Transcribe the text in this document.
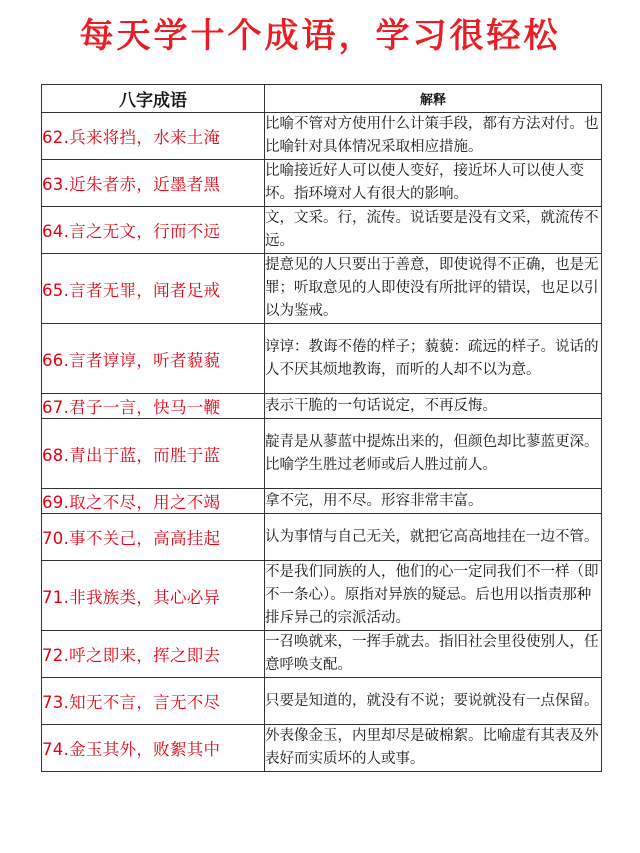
每天学十个成语，学习很轻松
八字成语	解释
62.兵来将挡，水来土淹	比喻不管对方使用什么计策手段，都有方法对付。也比喻针对具体情况采取相应措施。
63.近朱者赤，近墨者黑	比喻接近好人可以使人变好，接近坏人可以使人变坏。指环境对人有很大的影响。
64.言之无文，行而不远	文，文采。行，流传。说话要是没有文采，就流传不远。
65.言者无罪，闻者足戒	提意见的人只要出于善意，即使说得不正确，也是无罪；听取意见的人即使没有所批评的错误，也足以引以为鉴戒。
66.言者谆谆，听者藐藐	谆谆：教诲不倦的样子；藐藐：疏远的样子。说话的人不厌其烦地教诲，而听的人却不以为意。
67.君子一言，快马一鞭	表示干脆的一句话说定，不再反悔。
68.青出于蓝，而胜于蓝	靛青是从蓼蓝中提炼出来的，但颜色却比蓼蓝更深。比喻学生胜过老师或后人胜过前人。
69.取之不尽，用之不竭	拿不完，用不尽。形容非常丰富。
70.事不关己，高高挂起	认为事情与自己无关，就把它高高地挂在一边不管。
71.非我族类，其心必异	不是我们同族的人，他们的心一定同我们不一样（即不一条心）。原指对异族的疑忌。后也用以指责那种排斥异己的宗派活动。
72.呼之即来，挥之即去	一召唤就来，一挥手就去。指旧社会里役使别人，任意呼唤支配。
73.知无不言，言无不尽	只要是知道的，就没有不说；要说就没有一点保留。
74.金玉其外，败絮其中	外表像金玉，内里却尽是破棉絮。比喻虚有其表及外表好而实质坏的人或事。
